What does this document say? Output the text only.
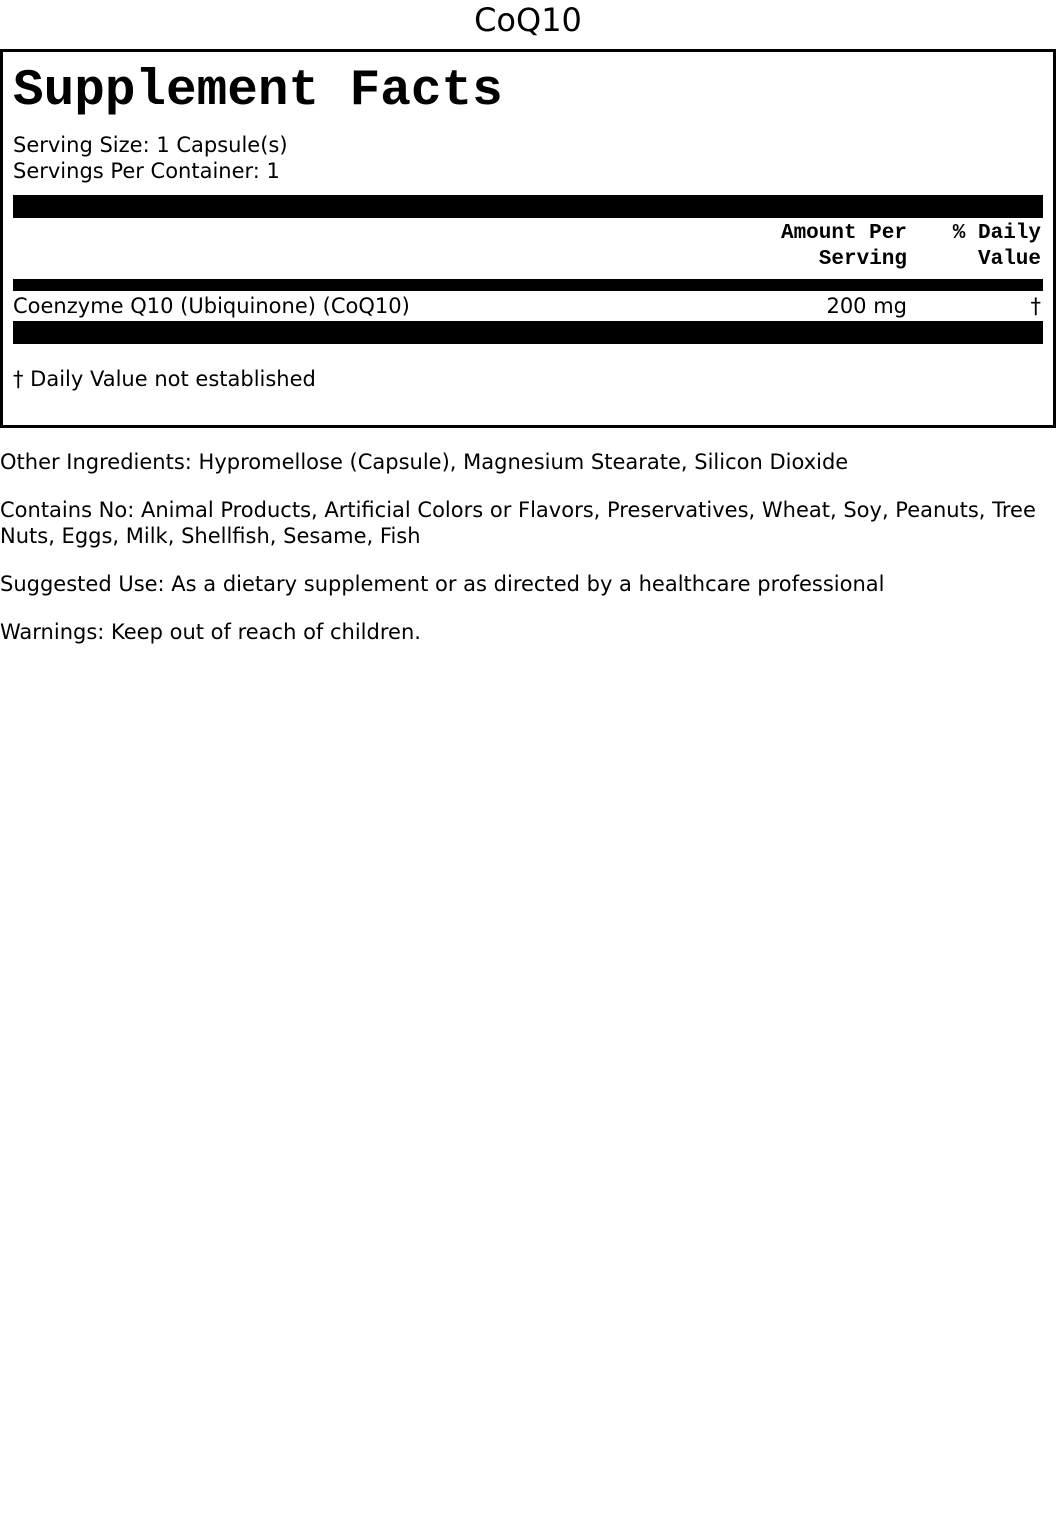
CoQ10
Supplement Facts
Serving Size: 1 Capsule(s)
Servings Per Container: 1
Amount Per
Serving
% Daily
Value
Coenzyme Q10 (Ubiquinone) (CoQ10)	200 mg	†
† Daily Value not established

Other Ingredients: Hypromellose (Capsule), Magnesium Stearate, Silicon Dioxide

Contains No: Animal Products, Artificial Colors or Flavors, Preservatives, Wheat, Soy, Peanuts, Tree Nuts, Eggs, Milk, Shellfish, Sesame, Fish

Suggested Use: As a dietary supplement or as directed by a healthcare professional

Warnings: Keep out of reach of children.
